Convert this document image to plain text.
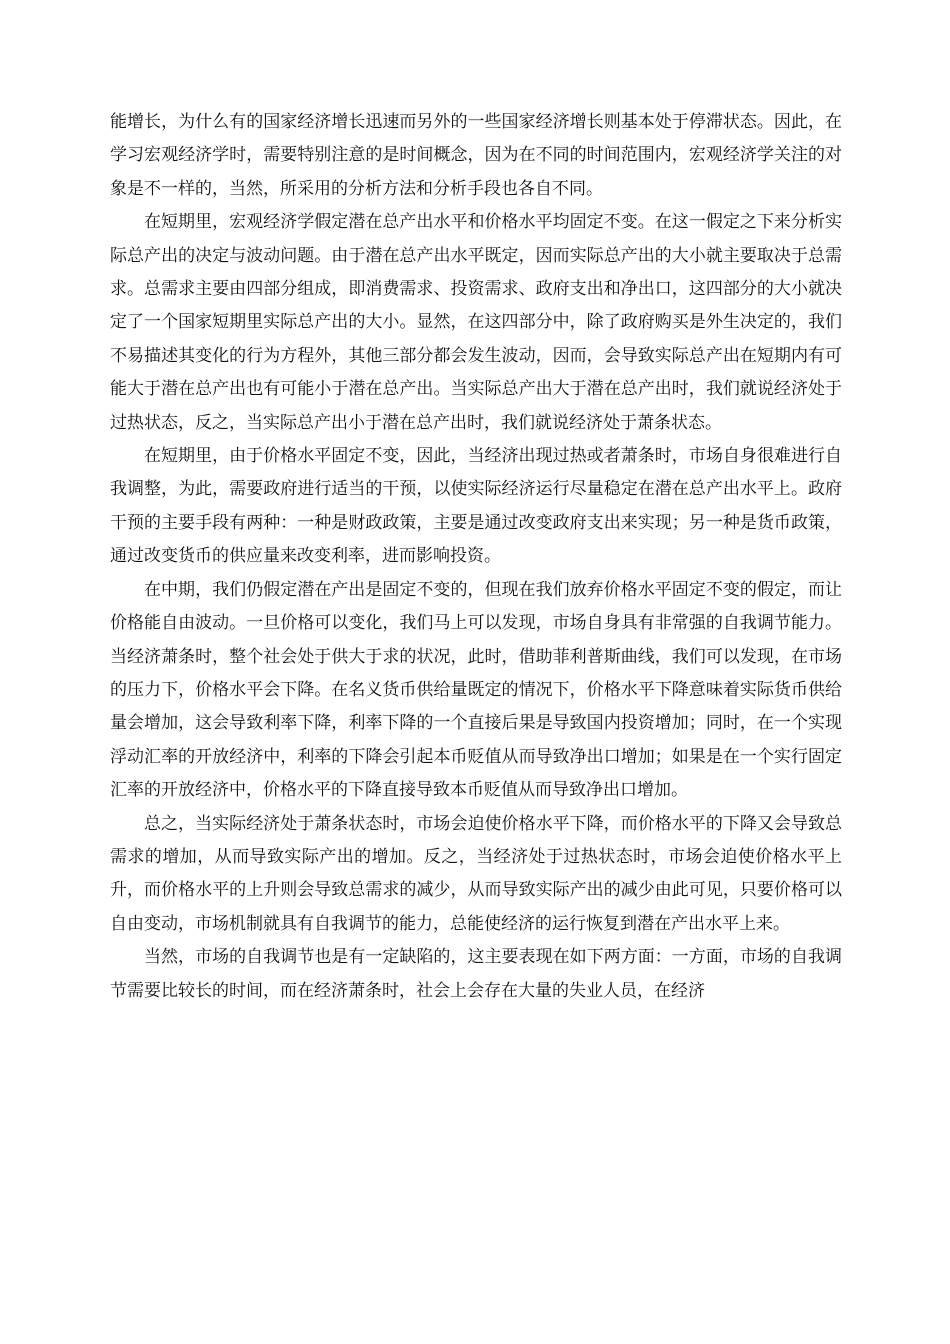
能增长，为什么有的国家经济增长迅速而另外的一些国家经济增长则基本处于停滞状态。因此，在学习宏观经济学时，需要特别注意的是时间概念，因为在不同的时间范围内，宏观经济学关注的对象是不一样的，当然，所采用的分析方法和分析手段也各自不同。

在短期里，宏观经济学假定潜在总产出水平和价格水平均固定不变。在这一假定之下来分析实际总产出的决定与波动问题。由于潜在总产出水平既定，因而实际总产出的大小就主要取决于总需求。总需求主要由四部分组成，即消费需求、投资需求、政府支出和净出口，这四部分的大小就决定了一个国家短期里实际总产出的大小。显然，在这四部分中，除了政府购买是外生决定的，我们不易描述其变化的行为方程外，其他三部分都会发生波动，因而，会导致实际总产出在短期内有可能大于潜在总产出也有可能小于潜在总产出。当实际总产出大于潜在总产出时，我们就说经济处于过热状态，反之，当实际总产出小于潜在总产出时，我们就说经济处于萧条状态。

在短期里，由于价格水平固定不变，因此，当经济出现过热或者萧条时，市场自身很难进行自我调整，为此，需要政府进行适当的干预，以使实际经济运行尽量稳定在潜在总产出水平上。政府干预的主要手段有两种：一种是财政政策，主要是通过改变政府支出来实现；另一种是货币政策，通过改变货币的供应量来改变利率，进而影响投资。

在中期，我们仍假定潜在产出是固定不变的，但现在我们放弃价格水平固定不变的假定，而让价格能自由波动。一旦价格可以变化，我们马上可以发现，市场自身具有非常强的自我调节能力。当经济萧条时，整个社会处于供大于求的状况，此时，借助菲利普斯曲线，我们可以发现，在市场的压力下，价格水平会下降。在名义货币供给量既定的情况下，价格水平下降意味着实际货币供给量会增加，这会导致利率下降，利率下降的一个直接后果是导致国内投资增加；同时，在一个实现浮动汇率的开放经济中，利率的下降会引起本币贬值从而导致净出口增加；如果是在一个实行固定汇率的开放经济中，价格水平的下降直接导致本币贬值从而导致净出口增加。

总之，当实际经济处于萧条状态时，市场会迫使价格水平下降，而价格水平的下降又会导致总需求的增加，从而导致实际产出的增加。反之，当经济处于过热状态时，市场会迫使价格水平上升，而价格水平的上升则会导致总需求的减少，从而导致实际产出的减少由此可见，只要价格可以自由变动，市场机制就具有自我调节的能力，总能使经济的运行恢复到潜在产出水平上来。

当然，市场的自我调节也是有一定缺陷的，这主要表现在如下两方面：一方面，市场的自我调节需要比较长的时间，而在经济萧条时，社会上会存在大量的失业人员，在经济
